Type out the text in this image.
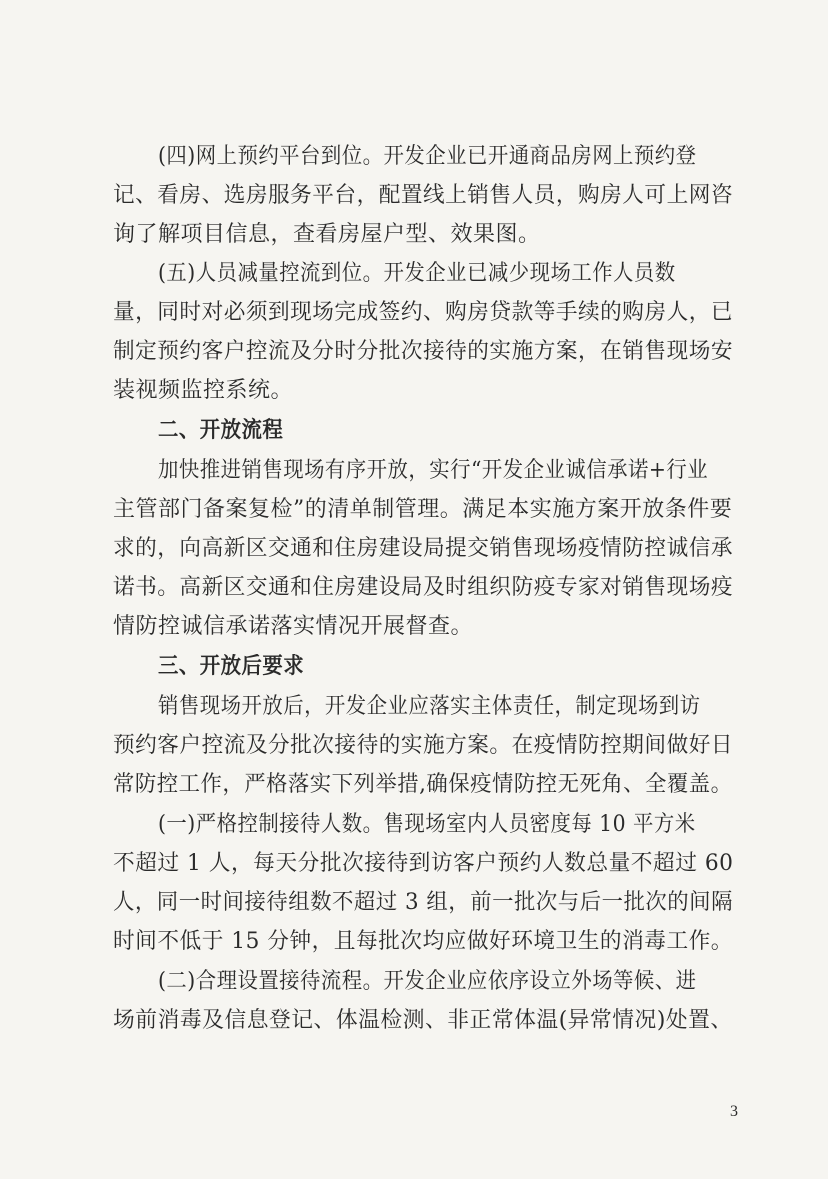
(四)网上预约平台到位。开发企业已开通商品房网上预约登
记、看房、选房服务平台，配置线上销售人员，购房人可上网咨
询了解项目信息，查看房屋户型、效果图。
(五)人员减量控流到位。开发企业已减少现场工作人员数
量，同时对必须到现场完成签约、购房贷款等手续的购房人，已
制定预约客户控流及分时分批次接待的实施方案，在销售现场安
装视频监控系统。
二、开放流程
加快推进销售现场有序开放，实行“开发企业诚信承诺+行业
主管部门备案复检”的清单制管理。满足本实施方案开放条件要
求的，向高新区交通和住房建设局提交销售现场疫情防控诚信承
诺书。高新区交通和住房建设局及时组织防疫专家对销售现场疫
情防控诚信承诺落实情况开展督查。
三、开放后要求
销售现场开放后，开发企业应落实主体责任，制定现场到访
预约客户控流及分批次接待的实施方案。在疫情防控期间做好日
常防控工作，严格落实下列举措,确保疫情防控无死角、全覆盖。
(一)严格控制接待人数。售现场室内人员密度每 10 平方米
不超过 1 人，每天分批次接待到访客户预约人数总量不超过 60
人，同一时间接待组数不超过 3 组，前一批次与后一批次的间隔
时间不低于 15 分钟，且每批次均应做好环境卫生的消毒工作。
(二)合理设置接待流程。开发企业应依序设立外场等候、进
场前消毒及信息登记、体温检测、非正常体温(异常情况)处置、
3
